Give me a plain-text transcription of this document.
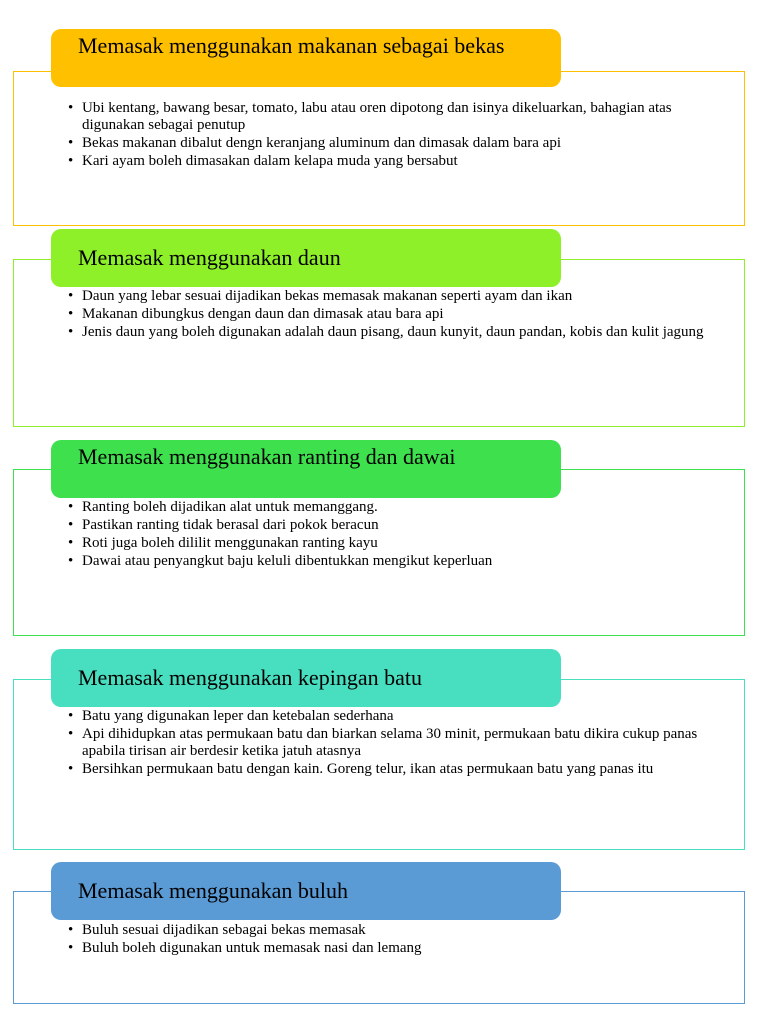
Memasak menggunakan makanan sebagai bekas
• Ubi kentang, bawang besar, tomato, labu atau oren dipotong dan isinya dikeluarkan, bahagian atas digunakan sebagai penutup
• Bekas makanan dibalut dengn keranjang aluminum dan dimasak dalam bara api
• Kari ayam boleh dimasakan dalam kelapa muda yang bersabut
Memasak menggunakan daun
• Daun yang lebar sesuai dijadikan bekas memasak makanan seperti ayam dan ikan
• Makanan dibungkus dengan daun dan dimasak atau bara api
• Jenis daun yang boleh digunakan adalah daun pisang, daun kunyit, daun pandan, kobis dan kulit jagung
Memasak menggunakan ranting dan dawai
• Ranting boleh dijadikan alat untuk memanggang.
• Pastikan ranting tidak berasal dari pokok beracun
• Roti juga boleh dililit menggunakan ranting kayu
• Dawai atau penyangkut baju keluli dibentukkan mengikut keperluan
Memasak menggunakan kepingan batu
• Batu yang digunakan leper dan ketebalan sederhana
• Api dihidupkan atas permukaan batu dan biarkan selama 30 minit, permukaan batu dikira cukup panas apabila tirisan air berdesir ketika jatuh atasnya
• Bersihkan permukaan batu dengan kain. Goreng telur, ikan atas permukaan batu yang panas itu
Memasak menggunakan buluh
• Buluh sesuai dijadikan sebagai bekas memasak
• Buluh boleh digunakan untuk memasak nasi dan lemang
